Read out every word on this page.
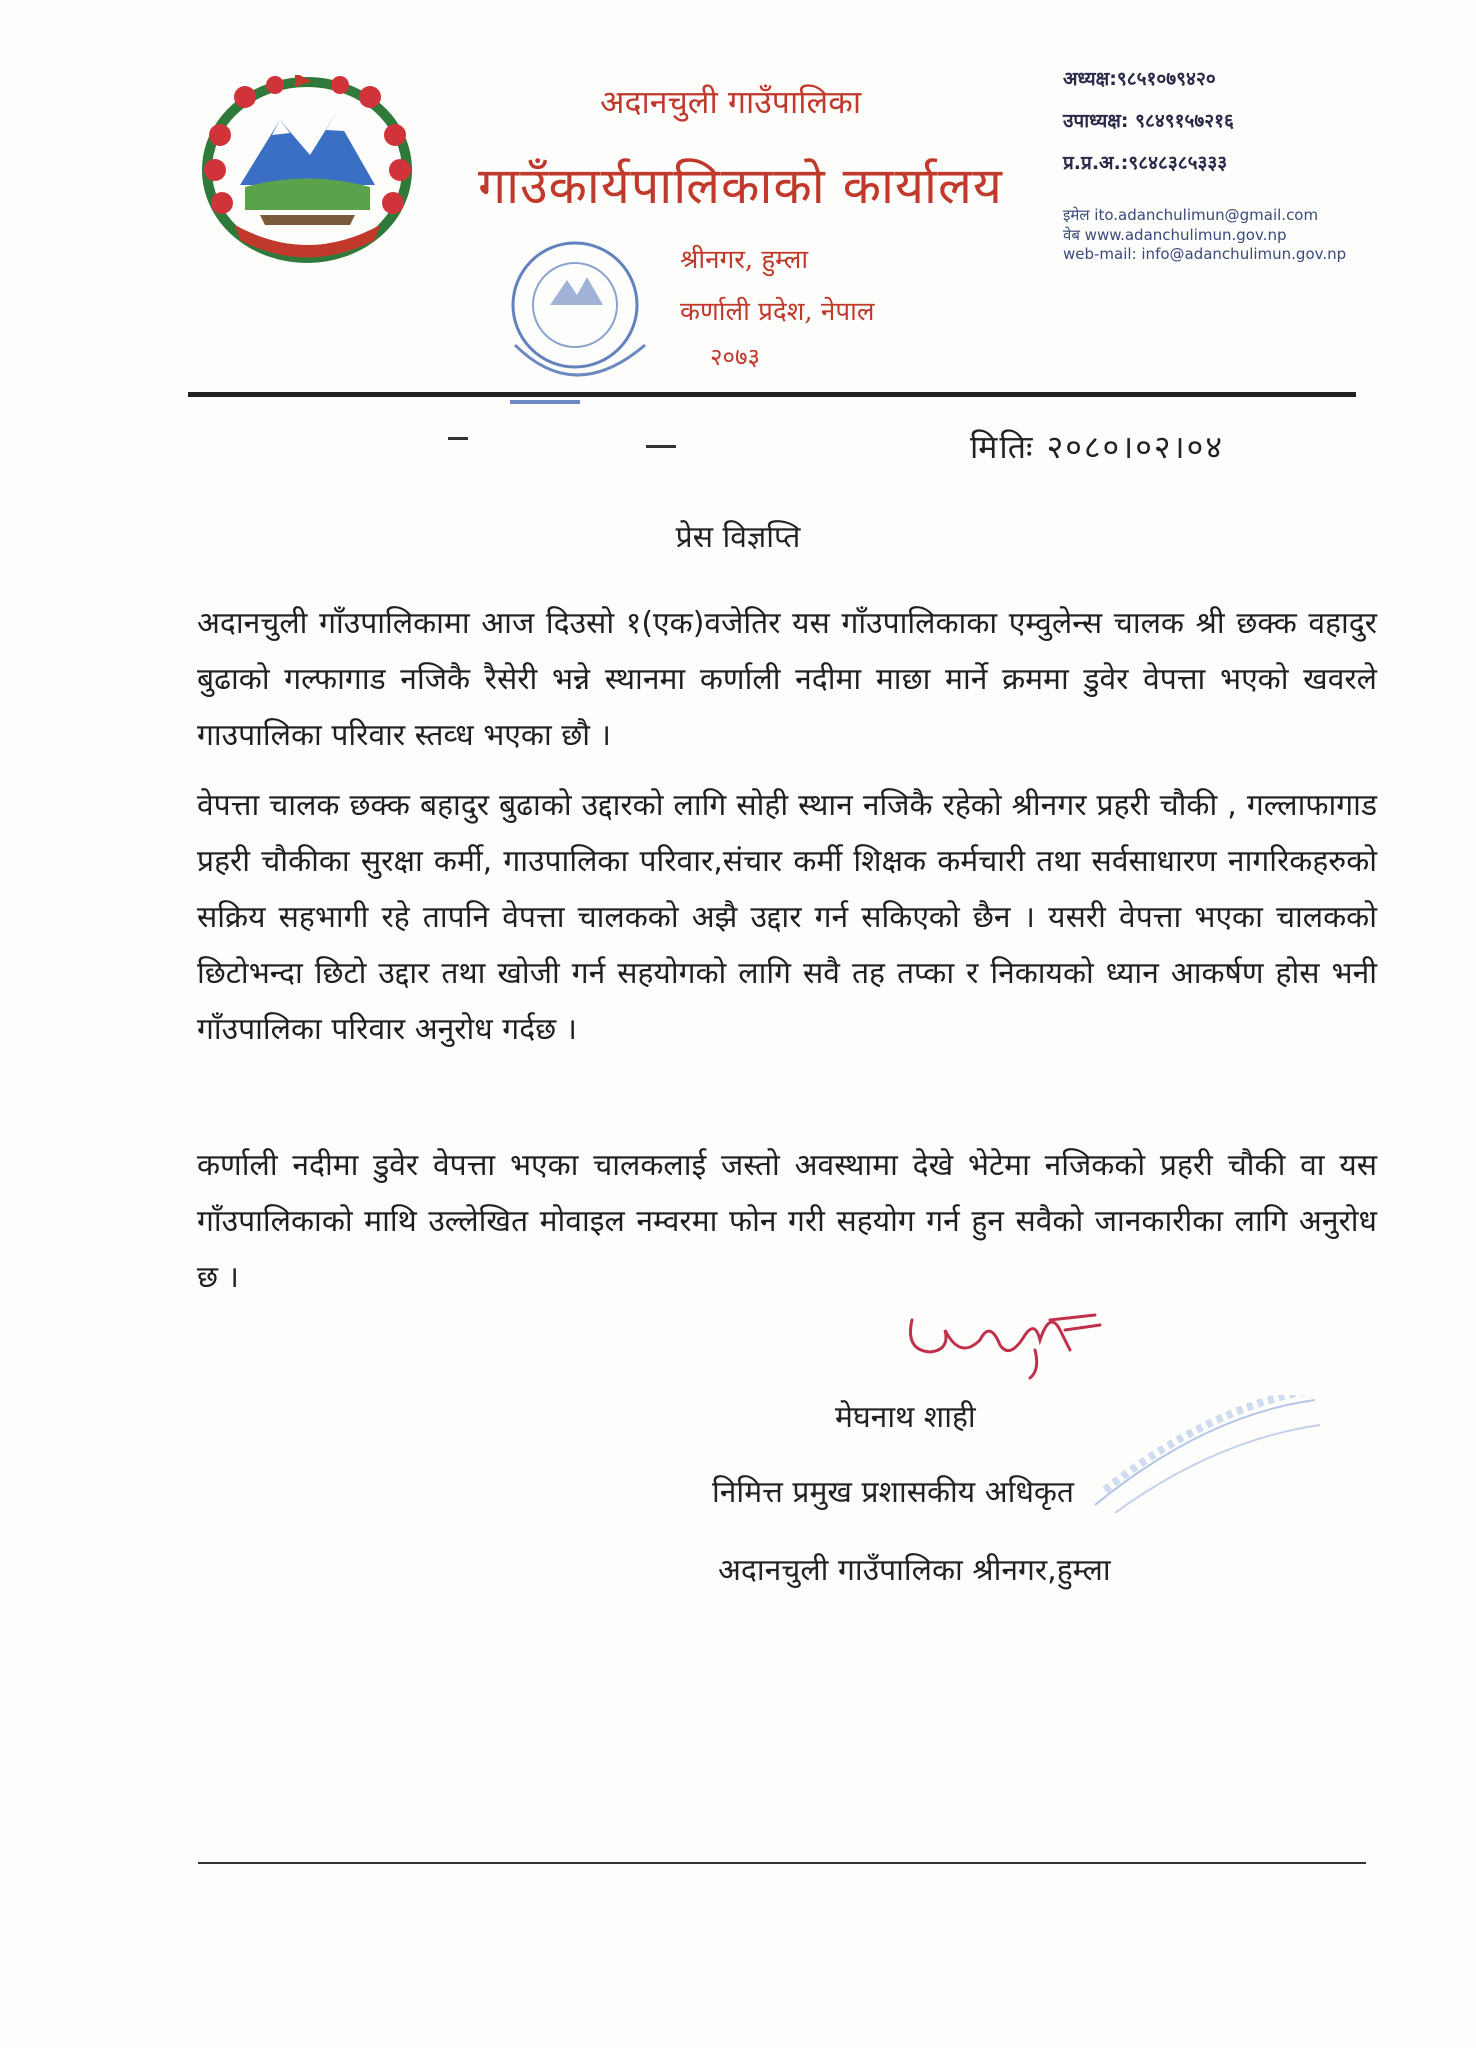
अदानचुली गाउँपालिका
गाउँकार्यपालिकाको कार्यालय
श्रीनगर, हुम्ला
कर्णाली प्रदेश, नेपाल
२०७३
अध्यक्ष:९८५१०७९४२०
उपाध्यक्ष: ९८४९१५७२१६
प्र.प्र.अ.:९८४८३८५३३३
इमेल ito.adanchulimun@gmail.com
वेब www.adanchulimun.gov.np
web-mail: info@adanchulimun.gov.np
मितिः २०८०।०२।०४
प्रेस विज्ञप्ति
अदानचुली गाँउपालिकामा आज दिउसो १(एक)वजेतिर यस गाँउपालिकाका एम्वुलेन्स चालक श्री छक्क वहादुर बुढाको गल्फागाड नजिकै रैसेरी भन्ने स्थानमा कर्णाली नदीमा माछा मार्ने क्रममा डुवेर वेपत्ता भएको खवरले गाउपालिका परिवार स्तव्ध भएका छौ ।
वेपत्ता चालक छक्क बहादुर बुढाको उद्दारको लागि सोही स्थान नजिकै रहेको श्रीनगर प्रहरी चौकी , गल्लाफागाड प्रहरी चौकीका सुरक्षा कर्मी, गाउपालिका परिवार,संचार कर्मी शिक्षक कर्मचारी तथा सर्वसाधारण नागरिकहरुको सक्रिय सहभागी रहे तापनि वेपत्ता चालकको अझै उद्दार गर्न सकिएको छैन । यसरी वेपत्ता भएका चालकको छिटोभन्दा छिटो उद्दार तथा खोजी गर्न सहयोगको लागि सवै तह तप्का र निकायको ध्यान आकर्षण होस भनी गाँउपालिका परिवार अनुरोध गर्दछ ।
कर्णाली नदीमा डुवेर वेपत्ता भएका चालकलाई जस्तो अवस्थामा देखे भेटेमा नजिकको प्रहरी चौकी वा यस गाँउपालिकाको माथि उल्लेखित मोवाइल नम्वरमा फोन गरी सहयोग गर्न हुन सवैको जानकारीका लागि अनुरोध छ ।
मेघनाथ शाही
निमित्त प्रमुख प्रशासकीय अधिकृत
अदानचुली गाउँपालिका श्रीनगर,हुम्ला
